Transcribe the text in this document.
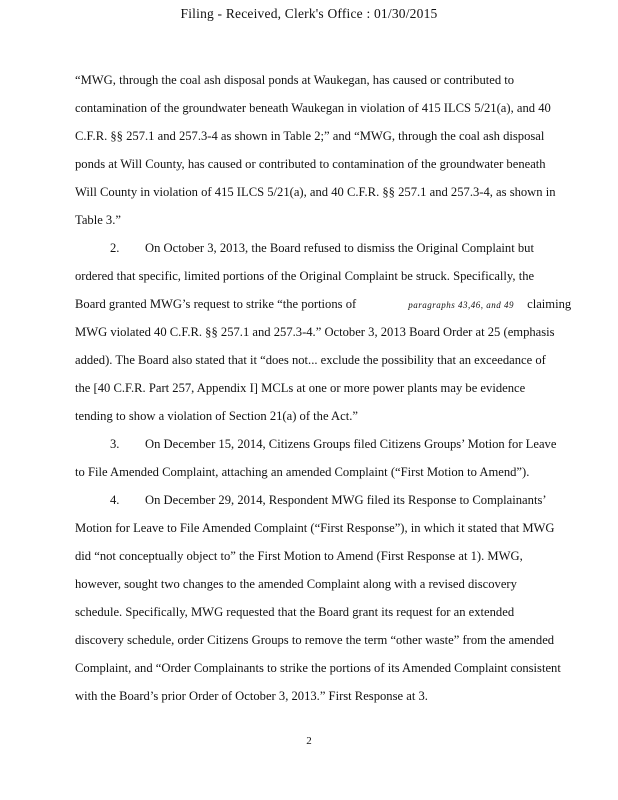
Filing - Received, Clerk's Office : 01/30/2015
“MWG, through the coal ash disposal ponds at Waukegan, has caused or contributed to
contamination of the groundwater beneath Waukegan in violation of 415 ILCS 5/21(a), and 40
C.F.R. §§ 257.1 and 257.3-4 as shown in Table 2;” and “MWG, through the coal ash disposal
ponds at Will County, has caused or contributed to contamination of the groundwater beneath
Will County in violation of 415 ILCS 5/21(a), and 40 C.F.R. §§ 257.1 and 257.3-4, as shown in
Table 3.”
2. On October 3, 2013, the Board refused to dismiss the Original Complaint but
ordered that specific, limited portions of the Original Complaint be struck. Specifically, the
Board granted MWG’s request to strike “the portions of	paragraphs 43,46, and 49 claiming
MWG violated 40 C.F.R. §§ 257.1 and 257.3-4.” October 3, 2013 Board Order at 25 (emphasis
added). The Board also stated that it “does not... exclude the possibility that an exceedance of
the [40 C.F.R. Part 257, Appendix I] MCLs at one or more power plants may be evidence
tending to show a violation of Section 21(a) of the Act.”
3. On December 15, 2014, Citizens Groups filed Citizens Groups’ Motion for Leave
to File Amended Complaint, attaching an amended Complaint (“First Motion to Amend”).
4. On December 29, 2014, Respondent MWG filed its Response to Complainants’
Motion for Leave to File Amended Complaint (“First Response”), in which it stated that MWG
did “not conceptually object to” the First Motion to Amend (First Response at 1). MWG,
however, sought two changes to the amended Complaint along with a revised discovery
schedule. Specifically, MWG requested that the Board grant its request for an extended
discovery schedule, order Citizens Groups to remove the term “other waste” from the amended
Complaint, and “Order Complainants to strike the portions of its Amended Complaint consistent
with the Board’s prior Order of October 3, 2013.” First Response at 3.
2
